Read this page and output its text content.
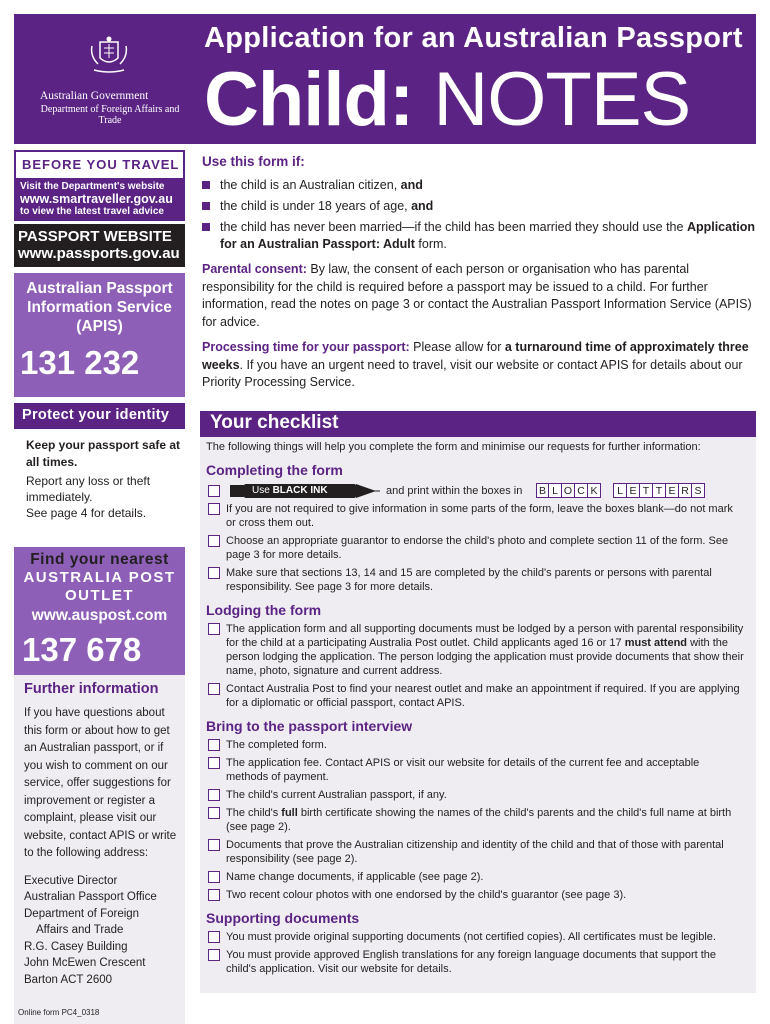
Australian Government
Department of Foreign Affairs and Trade
Application for an Australian Passport
Child: NOTES
BEFORE YOU TRAVEL
Visit the Department's website
www.smartraveller.gov.au
to view the latest travel advice
PASSPORT WEBSITE
www.passports.gov.au
Australian Passport Information Service (APIS)
131 232
Protect your identity
Keep your passport safe at all times.
Report any loss or theft immediately.
See page 4 for details.
Find your nearest
AUSTRALIA POST OUTLET
www.auspost.com
137 678
Further information
If you have questions about this form or about how to get an Australian passport, or if you wish to comment on our service, offer suggestions for improvement or register a complaint, please visit our website, contact APIS or write to the following address:
Executive Director
Australian Passport Office
Department of Foreign
Affairs and Trade
R.G. Casey Building
John McEwen Crescent
Barton ACT 2600
Online form PC4_0318
Use this form if:
the child is an Australian citizen, and
the child is under 18 years of age, and
the child has never been married—if the child has been married they should use the Application for an Australian Passport: Adult form.

Parental consent: By law, the consent of each person or organisation who has parental responsibility for the child is required before a passport may be issued to a child. For further information, read the notes on page 3 or contact the Australian Passport Information Service (APIS) for advice.

Processing time for your passport: Please allow for a turnaround time of approximately three weeks. If you have an urgent need to travel, visit our website or contact APIS for details about our Priority Processing Service.

Your checklist
The following things will help you complete the form and minimise our requests for further information:
Completing the form
Use BLACK INK	and print within the boxes in B L O C K	L E T T E R S
If you are not required to give information in some parts of the form, leave the boxes blank—do not mark or cross them out.
Choose an appropriate guarantor to endorse the child's photo and complete section 11 of the form. See page 3 for more details.
Make sure that sections 13, 14 and 15 are completed by the child's parents or persons with parental responsibility. See page 3 for more details.
Lodging the form
The application form and all supporting documents must be lodged by a person with parental responsibility for the child at a participating Australia Post outlet. Child applicants aged 16 or 17 must attend with the person lodging the application. The person lodging the application must provide documents that show their name, photo, signature and current address.
Contact Australia Post to find your nearest outlet and make an appointment if required. If you are applying for a diplomatic or official passport, contact APIS.
Bring to the passport interview
The completed form.
The application fee. Contact APIS or visit our website for details of the current fee and acceptable methods of payment.
The child's current Australian passport, if any.
The child's full birth certificate showing the names of the child's parents and the child's full name at birth (see page 2).
Documents that prove the Australian citizenship and identity of the child and that of those with parental responsibility (see page 2).
Name change documents, if applicable (see page 2).
Two recent colour photos with one endorsed by the child's guarantor (see page 3).
Supporting documents
You must provide original supporting documents (not certified copies). All certificates must be legible.
You must provide approved English translations for any foreign language documents that support the child's application. Visit our website for details.
